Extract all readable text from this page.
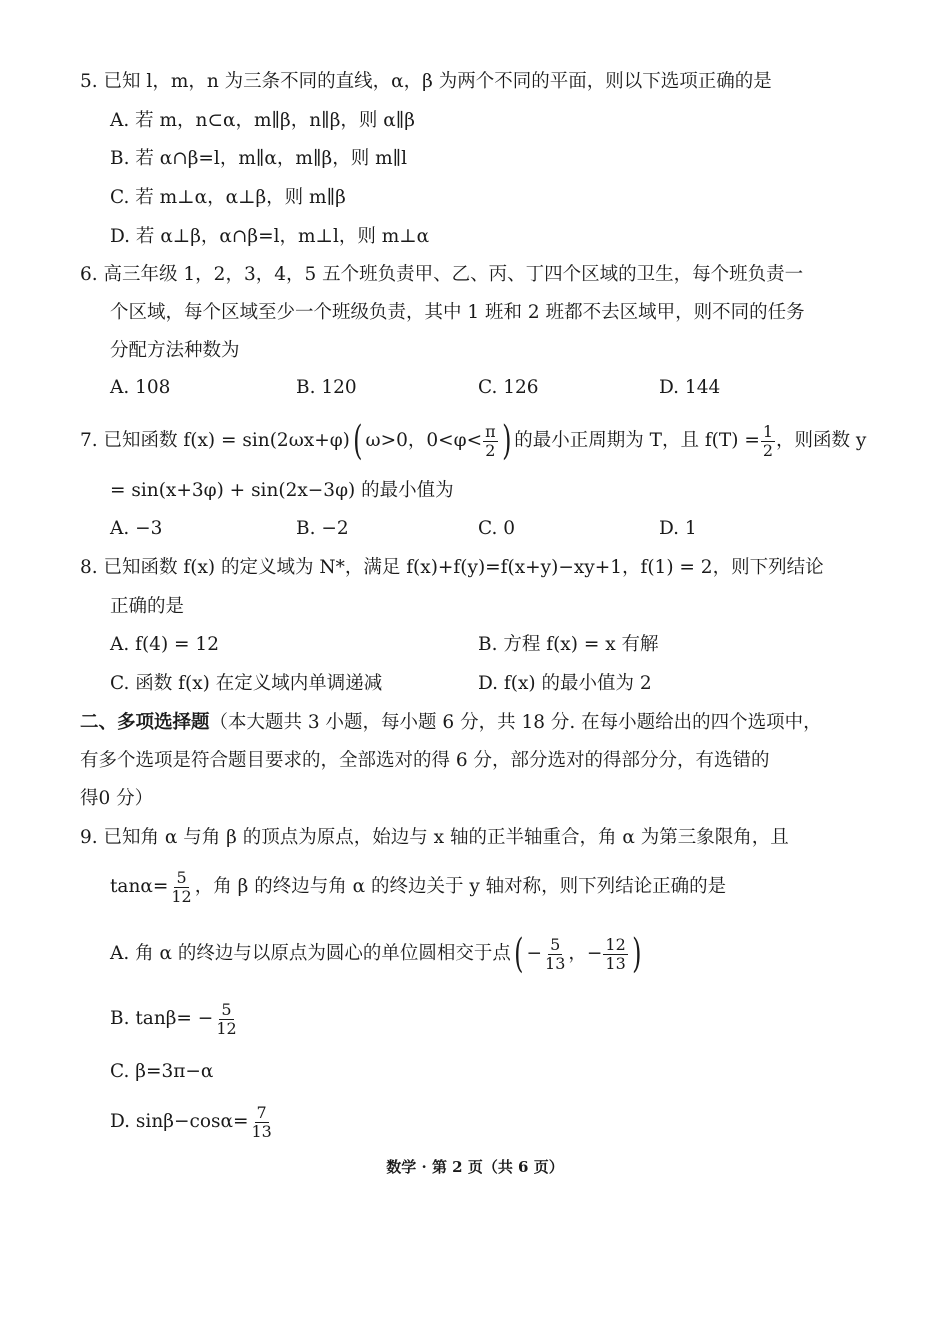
5. 已知 l，m，n 为三条不同的直线，α，β 为两个不同的平面，则以下选项正确的是
A. 若 m，n⊂α，m∥β，n∥β，则 α∥β
B. 若 α∩β=l，m∥α，m∥β，则 m∥l
C. 若 m⊥α，α⊥β，则 m∥β
D. 若 α⊥β，α∩β=l，m⊥l，则 m⊥α
6. 高三年级 1，2，3，4，5 五个班负责甲、乙、丙、丁四个区域的卫生，每个班负责一
个区域，每个区域至少一个班级负责，其中 1 班和 2 班都不去区域甲，则不同的任务
分配方法种数为
A. 108	B. 120	C. 126	D. 144
7. 已知函数 f(x) = sin(2ωx+φ)( ω>0，$0<\varphi< \frac{\pi}{2}$ ) 的最小正周期为 T，且 $f(T) = \frac{1}{2}$ ，则函数 y
= sin(x+3φ) + sin(2x−3φ) 的最小值为
A. −3	B. −2	C. 0	D. 1
8. 已知函数 f(x) 的定义域为 N*，满足 f(x)+f(y)=f(x+y)−xy+1，f(1) = 2，则下列结论
正确的是
A. f(4) = 12	B. 方程 f(x) = x 有解
C. 函数 f(x) 在定义域内单调递减	D. f(x) 的最小值为 2
二、多项选择题（本大题共 3 小题，每小题 6 分，共 18 分. 在每小题给出的四个选项中，
有多个选项是符合题目要求的，全部选对的得 6 分，部分选对的得部分分，有选错的
得0 分）
9. 已知角 α 与角 β 的顶点为原点，始边与 x 轴的正半轴重合，角 α 为第三象限角，且
$\tan\alpha= \frac{5}{12}$ ，角 β 的终边与角 α 的终边关于 y 轴对称，则下列结论正确的是
A. 角 α 的终边与以原点为圆心的单位圆相交于点( − $\frac{5}{13}$ ，− $\frac{12}{13}$ )
B. $\tan\beta= - \frac{5}{12}$
C. β=3π−α
D. $\sin\beta-\cos\alpha= \frac{7}{13}$
数学 · 第 2 页（共 6 页）
